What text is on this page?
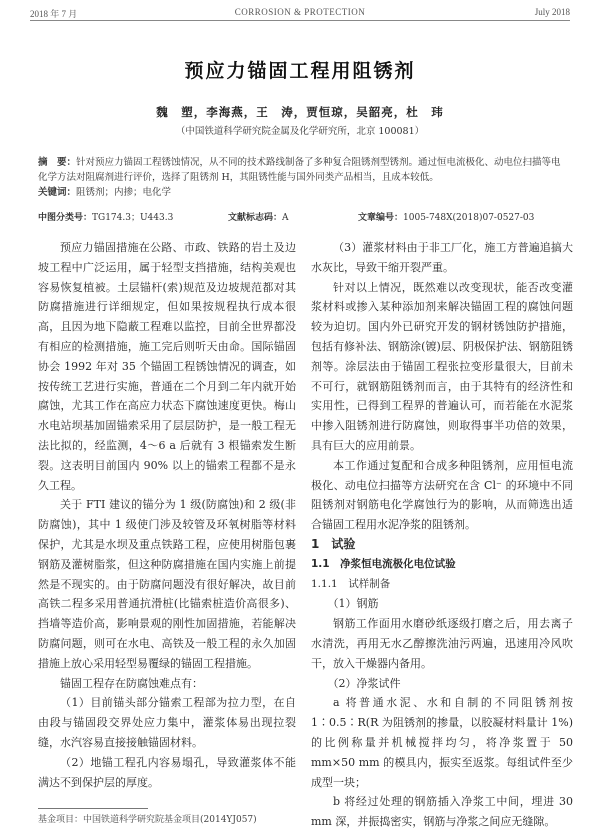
2018 年 7 月	CORROSION & PROTECTION	July 2018
预应力锚固工程用阻锈剂
魏　塑，李海燕，王　涛，贾恒琼，吴韶亮，杜　玮
（中国铁道科学研究院金属及化学研究所，北京 100081）
摘　要：针对预应力锚固工程锈蚀情况，从不同的技术路线制备了多种复合阻锈剂型锈剂。通过恒电流极化、动电位扫描等电化学方法对阻腐剂进行评价，选择了阻锈剂 H，其阻锈性能与国外同类产品相当，且成本较低。
关键词：阻锈剂；内掺；电化学
中图分类号：TG174.3；U443.3	文献标志码：A	文章编号：1005-748X(2018)07-0527-03

预应力锚固措施在公路、市政、铁路的岩土及边坡工程中广泛运用，属于轻型支挡措施，结构美观也容易恢复植被。土层锚杆(索)规范及边坡规范都对其防腐措施进行详细规定，但如果按规程执行成本很高，且因为地下隐蔽工程难以监控，目前全世界都没有相应的检测措施，施工完后则听天由命。国际锚固协会 1992 年对 35 个锚固工程锈蚀情况的调查，如按传统工艺进行实施，普通在二个月到二年内就开始腐蚀，尤其工作在高应力状态下腐蚀速度更快。梅山水电站坝基加固锚索采用了层层防护，是一般工程无法比拟的，经监测，4～6 a 后就有 3 根锚索发生断裂。这表明目前国内 90% 以上的锚索工程都不是永久工程。

关于 FTI 建议的锚分为 1 级(防腐蚀)和 2 级(非防腐蚀)，其中 1 级使门涉及较管及环氧树脂等材料保护，尤其是水坝及重点铁路工程，应使用树脂包裹钢筋及灌树脂浆，但这种防腐措施在国内实施上前提然是不现实的。由于防腐问题没有很好解决，故目前高铁二程多采用普通抗滑桩(比锚索桩造价高很多)、挡墙等造价高，影响景观的刚性加固措施，若能解决防腐问题，则可在水电、高铁及一般工程的永久加固措施上放心采用轻型易覆绿的锚固工程措施。

锚固工程存在防腐蚀难点有：

（1）目前锚头部分锚索工程部为拉力型，在自由段与锚固段交界处应力集中，灌浆体易出现拉裂缝，水汽容易直接接触锚固材料。

（2）地锚工程孔内容易塌孔，导致灌浆体不能满达不到保护层的厚度。

（3）灌浆材料由于非工厂化，施工方普遍追搞大水灰比，导致干缩开裂严重。

针对以上情况，既然难以改变现状，能否改变灌浆材料或掺入某种添加剂来解决锚固工程的腐蚀问题较为迫切。国内外已研究开发的钢材锈蚀防护措施，包括有修补法、钢筋涂(镀)层、阴极保护法、钢筋阻锈剂等。涂层法由于锚固工程张拉变形量很大，目前未不可行，就钢筋阻锈剂而言，由于其特有的经济性和实用性，已得到工程界的普遍认可，而若能在水泥浆中掺入阻锈剂进行防腐蚀，则取得事半功倍的效果，具有巨大的应用前景。

本工作通过复配和合成多种阻锈剂，应用恒电流极化、动电位扫描等方法研究在含 Cl⁻ 的环境中不同阻锈剂对钢筋电化学腐蚀行为的影响，从而筛选出适合锚固工程用水泥净浆的阻锈剂。

1　试验

1.1　净浆恒电流极化电位试验

1.1.1　试样制备

（1）钢筋

钢筋工作面用水磨砂纸逐级打磨之后，用去离子水清洗，再用无水乙醇擦洗油污两遍，迅速用冷风吹干，放入干燥器内备用。

（2）净浆试件

a 将普通水泥、水和自制的不同阻锈剂按 1∶0.5∶R(R 为阻锈剂的掺量，以胶凝材料量计 1%)的比例称量并机械搅拌均匀，将净浆置于 50 mm×50 mm 的模具内，振实至返浆。每组试件至少成型一块；

b 将经过处理的钢筋插入净浆工中间，埋进 30 mm 深，并振捣密实，钢筋与净浆之间应无缝隙。

基金项目：中国铁道科学研究院基金项目(2014YJ057)
